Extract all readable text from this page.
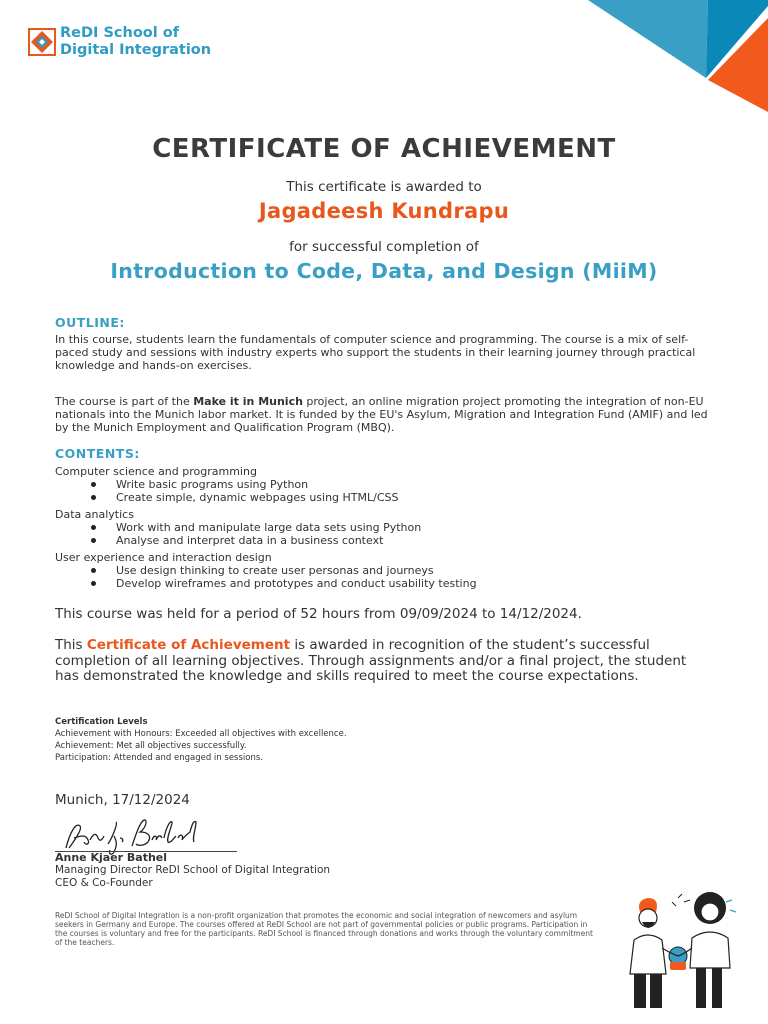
ReDI School of
Digital Integration
CERTIFICATE OF ACHIEVEMENT
This certificate is awarded to
Jagadeesh Kundrapu
for successful completion of
Introduction to Code, Data, and Design (MiiM)
OUTLINE:
In this course, students learn the fundamentals of computer science and programming. The course is a mix of self-paced study and sessions with industry experts who support the students in their learning journey through practical knowledge and hands-on exercises.
The course is part of the Make it in Munich project, an online migration project promoting the integration of non-EU nationals into the Munich labor market. It is funded by the EU's Asylum, Migration and Integration Fund (AMIF) and led by the Munich Employment and Qualification Program (MBQ).
CONTENTS:
Computer science and programming
Write basic programs using Python
Create simple, dynamic webpages using HTML/CSS
Data analytics
Work with and manipulate large data sets using Python
Analyse and interpret data in a business context
User experience and interaction design
Use design thinking to create user personas and journeys
Develop wireframes and prototypes and conduct usability testing
This course was held for a period of 52 hours from 09/09/2024 to 14/12/2024.
This Certificate of Achievement is awarded in recognition of the student’s successful completion of all learning objectives. Through assignments and/or a final project, the student has demonstrated the knowledge and skills required to meet the course expectations.
Certification Levels
Achievement with Honours: Exceeded all objectives with excellence.
Achievement: Met all objectives successfully.
Participation: Attended and engaged in sessions.
Munich, 17/12/2024
Anne Kjaer Bathel
Managing Director ReDI School of Digital Integration
CEO & Co-Founder
ReDI School of Digital Integration is a non-profit organization that promotes the economic and social integration of newcomers and asylum seekers in Germany and Europe. The courses offered at ReDI School are not part of governmental policies or public programs. Participation in the courses is voluntary and free for the participants. ReDI School is financed through donations and works through the voluntary commitment of the teachers.
